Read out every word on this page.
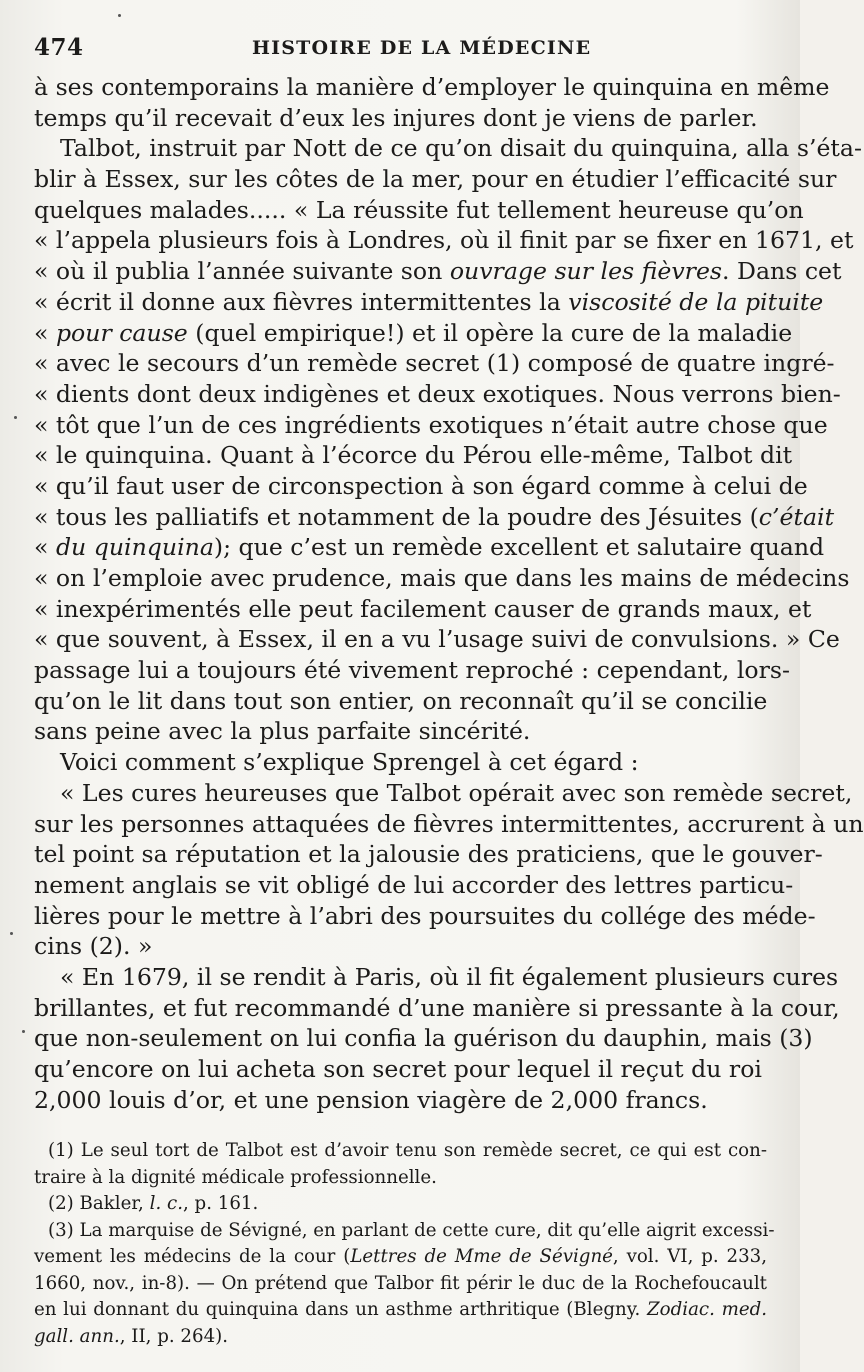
474	HISTOIRE DE LA MÉDECINE
à ses contemporains la manière d’employer le quinquina en même
temps qu’il recevait d’eux les injures dont je viens de parler.
Talbot, instruit par Nott de ce qu’on disait du quinquina, alla s’éta-
blir à Essex, sur les côtes de la mer, pour en étudier l’efficacité sur
quelques malades..... « La réussite fut tellement heureuse qu’on
« l’appela plusieurs fois à Londres, où il finit par se fixer en 1671, et
« où il publia l’année suivante son ouvrage sur les fièvres. Dans cet
« écrit il donne aux fièvres intermittentes la viscosité de la pituite
« pour cause (quel empirique!) et il opère la cure de la maladie
« avec le secours d’un remède secret (1) composé de quatre ingré-
« dients dont deux indigènes et deux exotiques. Nous verrons bien-
« tôt que l’un de ces ingrédients exotiques n’était autre chose que
« le quinquina. Quant à l’écorce du Pérou elle-même, Talbot dit
« qu’il faut user de circonspection à son égard comme à celui de
« tous les palliatifs et notamment de la poudre des Jésuites (c’était
« du quinquina); que c’est un remède excellent et salutaire quand
« on l’emploie avec prudence, mais que dans les mains de médecins
« inexpérimentés elle peut facilement causer de grands maux, et
« que souvent, à Essex, il en a vu l’usage suivi de convulsions. » Ce
passage lui a toujours été vivement reproché : cependant, lors-
qu’on le lit dans tout son entier, on reconnaît qu’il se concilie
sans peine avec la plus parfaite sincérité.
Voici comment s’explique Sprengel à cet égard :
« Les cures heureuses que Talbot opérait avec son remède secret,
sur les personnes attaquées de fièvres intermittentes, accrurent à un
tel point sa réputation et la jalousie des praticiens, que le gouver-
nement anglais se vit obligé de lui accorder des lettres particu-
lières pour le mettre à l’abri des poursuites du collége des méde-
cins (2). »
« En 1679, il se rendit à Paris, où il fit également plusieurs cures
brillantes, et fut recommandé d’une manière si pressante à la cour,
que non-seulement on lui confia la guérison du dauphin, mais (3)
qu’encore on lui acheta son secret pour lequel il reçut du roi
2,000 louis d’or, et une pension viagère de 2,000 francs.
(1) Le seul tort de Talbot est d’avoir tenu son remède secret, ce qui est con-
traire à la dignité médicale professionnelle.
(2) Bakler, l. c., p. 161.
(3) La marquise de Sévigné, en parlant de cette cure, dit qu’elle aigrit excessi-
vement les médecins de la cour (Lettres de Mme de Sévigné, vol. VI, p. 233,
1660, nov., in-8). — On prétend que Talbor fit périr le duc de la Rochefoucault
en lui donnant du quinquina dans un asthme arthritique (Blegny. Zodiac. med.
gall. ann., II, p. 264).
